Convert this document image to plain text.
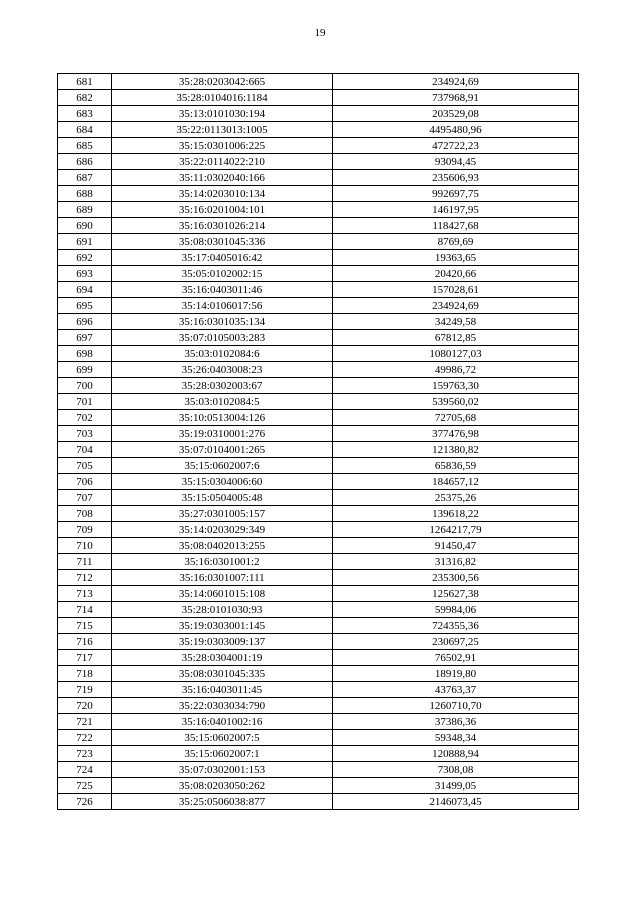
19
681	35:28:0203042:665	234924,69
682	35:28:0104016:1184	737968,91
683	35:13:0101030:194	203529,08
684	35:22:0113013:1005	4495480,96
685	35:15:0301006:225	472722,23
686	35:22:0114022:210	93094,45
687	35:11:0302040:166	235606,93
688	35:14:0203010:134	992697,75
689	35:16:0201004:101	146197,95
690	35:16:0301026:214	118427,68
691	35:08:0301045:336	8769,69
692	35:17:0405016:42	19363,65
693	35:05:0102002:15	20420,66
694	35:16:0403011:46	157028,61
695	35:14:0106017:56	234924,69
696	35:16:0301035:134	34249,58
697	35:07:0105003:283	67812,85
698	35:03:0102084:6	1080127,03
699	35:26:0403008:23	49986,72
700	35:28:0302003:67	159763,30
701	35:03:0102084:5	539560,02
702	35:10:0513004:126	72705,68
703	35:19:0310001:276	377476,98
704	35:07:0104001:265	121380,82
705	35:15:0602007:6	65836,59
706	35:15:0304006:60	184657,12
707	35:15:0504005:48	25375,26
708	35:27:0301005:157	139618,22
709	35:14:0203029:349	1264217,79
710	35:08:0402013:255	91450,47
711	35:16:0301001:2	31316,82
712	35:16:0301007:111	235300,56
713	35:14:0601015:108	125627,38
714	35:28:0101030:93	59984,06
715	35:19:0303001:145	724355,36
716	35:19:0303009:137	230697,25
717	35:28:0304001:19	76502,91
718	35:08:0301045:335	18919,80
719	35:16:0403011:45	43763,37
720	35:22:0303034:790	1260710,70
721	35:16:0401002:16	37386,36
722	35:15:0602007:5	59348,34
723	35:15:0602007:1	120888,94
724	35:07:0302001:153	7308,08
725	35:08:0203050:262	31499,05
726	35:25:0506038:877	2146073,45
